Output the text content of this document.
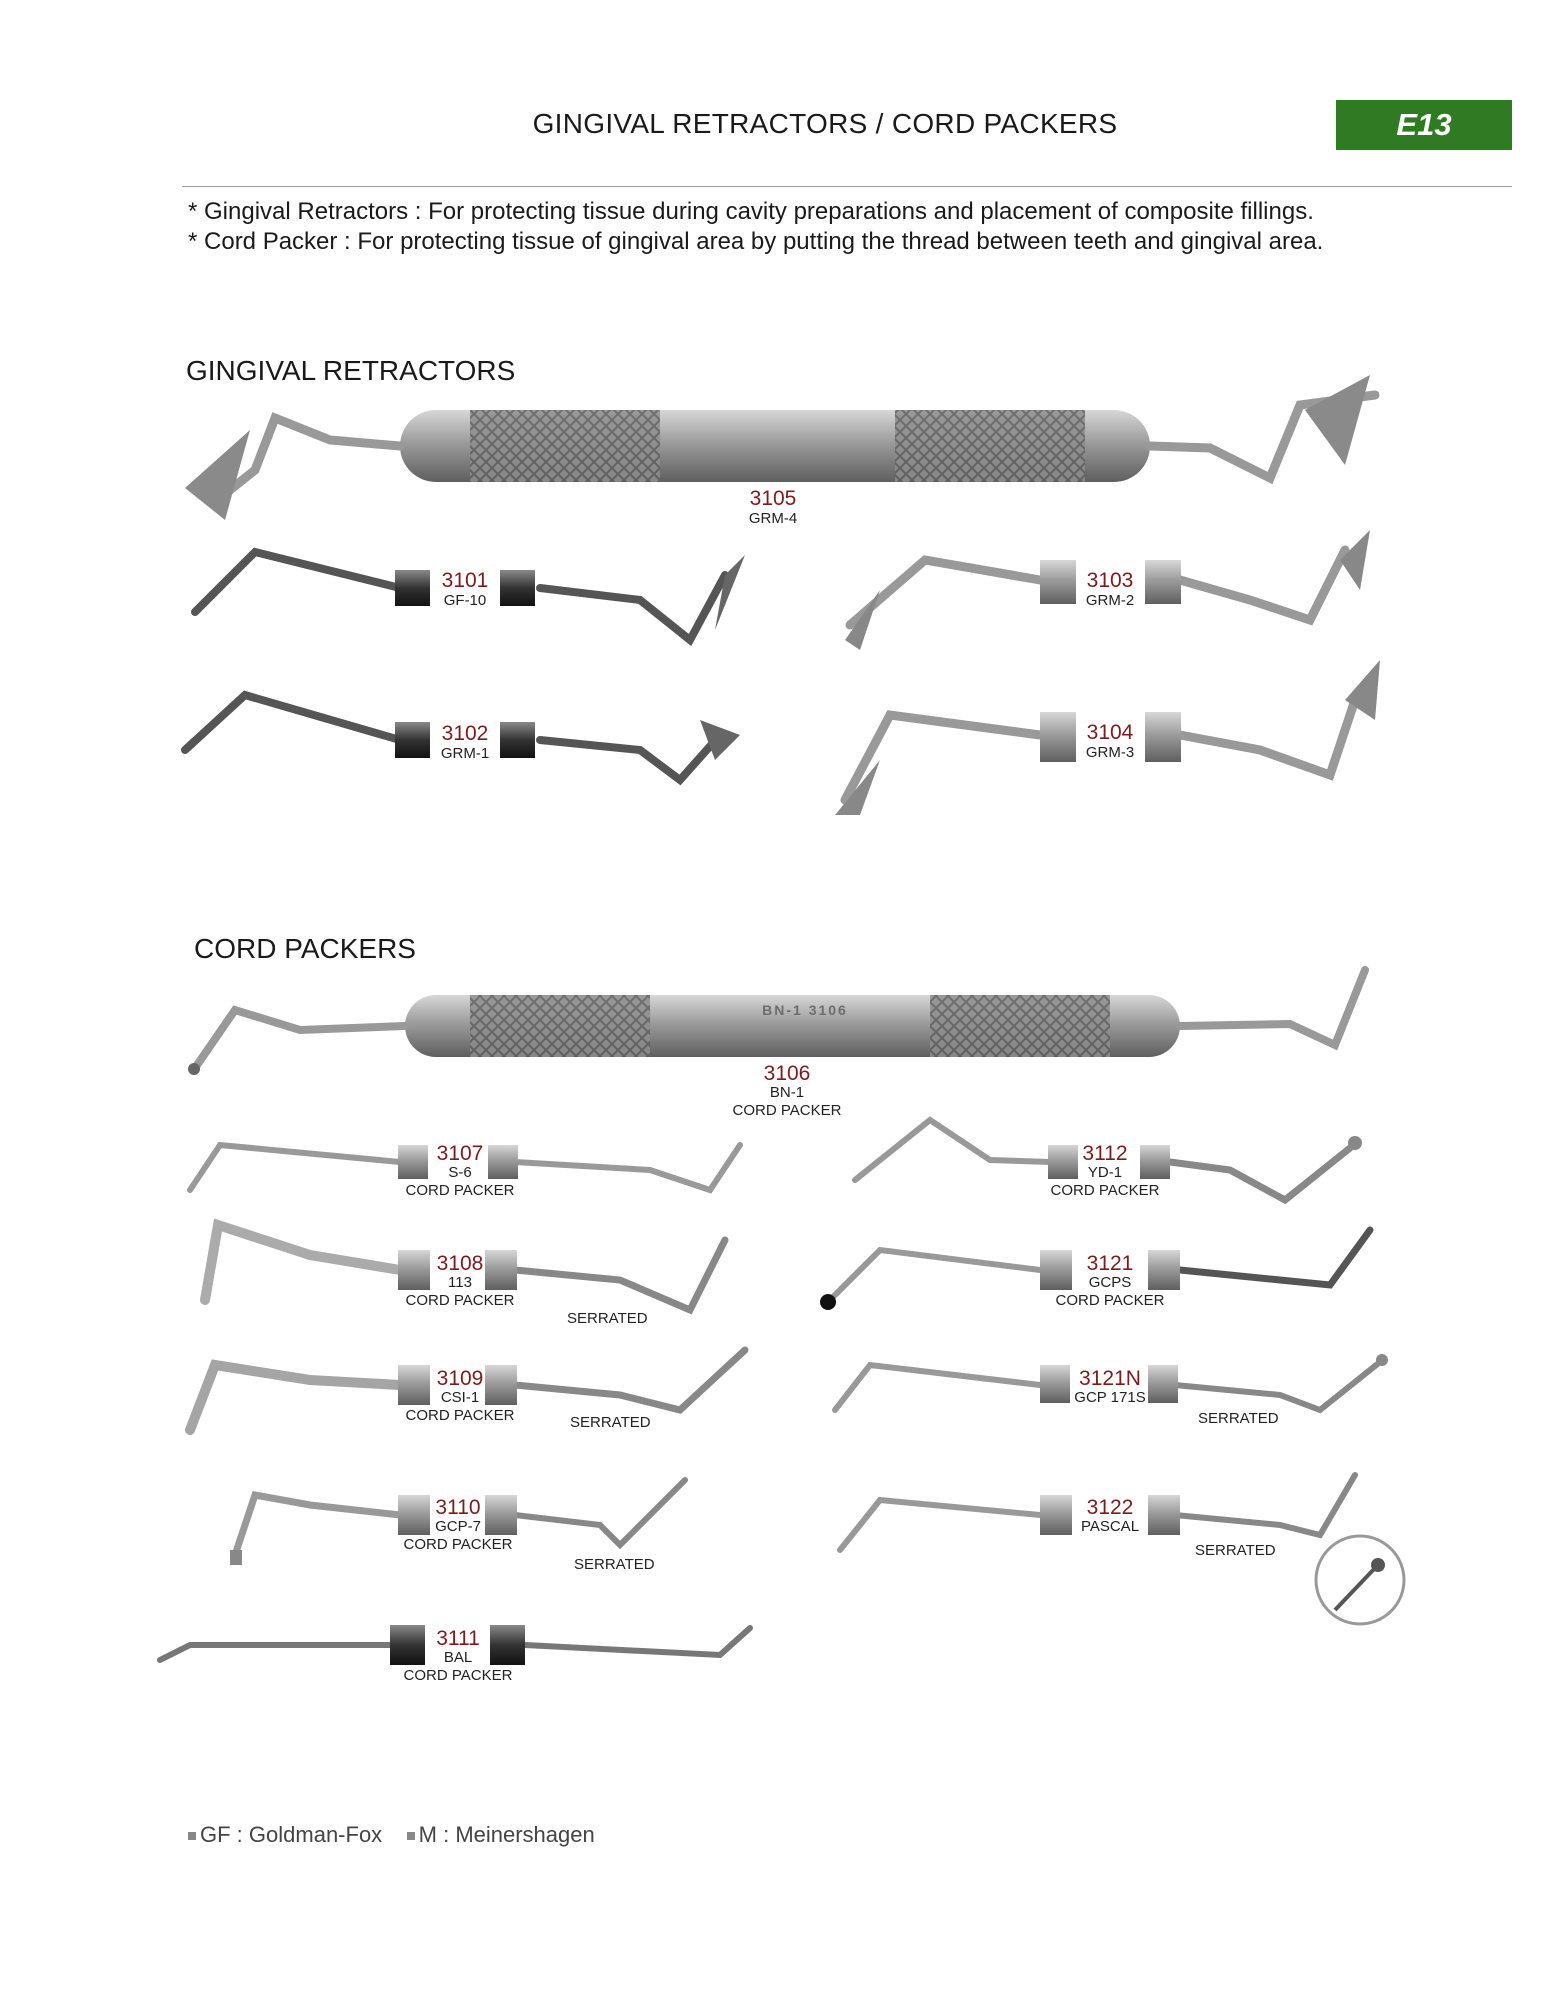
GINGIVAL RETRACTORS / CORD PACKERS	E13
* Gingival Retractors : For protecting tissue during cavity preparations and placement of composite fillings.
* Cord Packer : For protecting tissue of gingival area by putting the thread between teeth and gingival area.
BN-1 3106
GINGIVAL RETRACTORS
CORD PACKERS
3105
GRM-4
3101
GF-10
3103
GRM-2
3102
GRM-1
3104
GRM-3
3106
BN-1
CORD PACKER
3107
S-6
CORD PACKER
3112
YD-1
CORD PACKER
3108
113
CORD PACKER
SERRATED
3121
GCPS
CORD PACKER
3109
CSI-1
CORD PACKER	SERRATED
3121N
GCP 171S
SERRATED
3110
GCP-7
CORD PACKER
SERRATED
3122
PASCAL
SERRATED
3111
BAL
CORD PACKER
GF : Goldman-Fox M : Meinershagen
